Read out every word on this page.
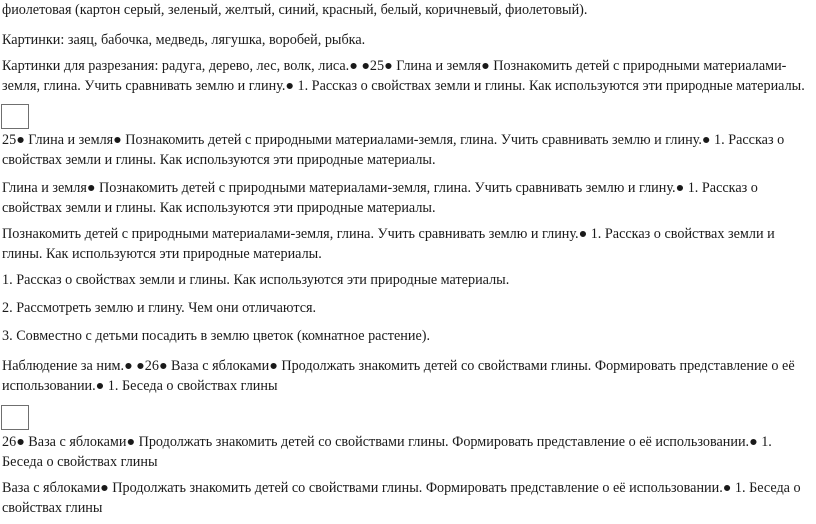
фиолетовая (картон серый, зеленый, желтый, синий, красный, белый, коричневый, фиолетовый).

Картинки: заяц, бабочка, медведь, лягушка, воробей, рыбка.

Картинки для разрезания: радуга, дерево, лес, волк, лиса.● ●25● Глина и земля● Познакомить детей с природными материалами-земля, глина. Учить сравнивать землю и глину.● 1. Рассказ о свойствах земли и глины. Как используются эти природные материалы.

25● Глина и земля● Познакомить детей с природными материалами-земля, глина. Учить сравнивать землю и глину.● 1. Рассказ о свойствах земли и глины. Как используются эти природные материалы.

Глина и земля● Познакомить детей с природными материалами-земля, глина. Учить сравнивать землю и глину.● 1. Рассказ о свойствах земли и глины. Как используются эти природные материалы.

Познакомить детей с природными материалами-земля, глина. Учить сравнивать землю и глину.● 1. Рассказ о свойствах земли и глины. Как используются эти природные материалы.

1. Рассказ о свойствах земли и глины. Как используются эти природные материалы.

2. Рассмотреть землю и глину. Чем они отличаются.

3. Совместно с детьми посадить в землю цветок (комнатное растение).

Наблюдение за ним.● ●26● Ваза с яблоками● Продолжать знакомить детей со свойствами глины. Формировать представление о её использовании.● 1. Беседа о свойствах глины

26● Ваза с яблоками● Продолжать знакомить детей со свойствами глины. Формировать представление о её использовании.● 1. Беседа о свойствах глины

Ваза с яблоками● Продолжать знакомить детей со свойствами глины. Формировать представление о её использовании.● 1. Беседа о свойствах глины
